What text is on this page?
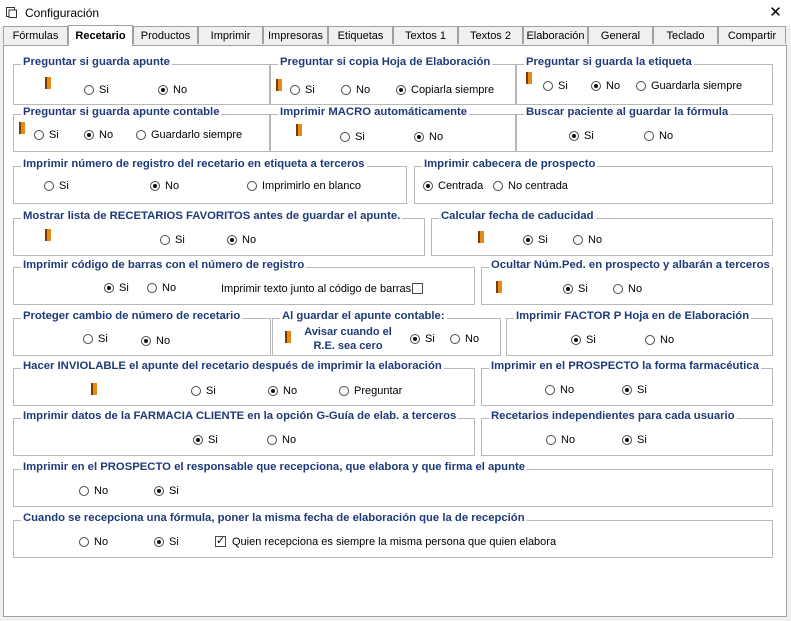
Configuración	✕
Fórmulas	Recetario	Productos	Imprimir	Impresoras	Etiquetas	Textos 1	Textos 2	Elaboración	General	Teclado	Compartir
Preguntar si guarda apunte
Si	No
Preguntar si copia Hoja de Elaboración
Si	No	Copiarla siempre
Preguntar si guarda la etiqueta
Si	No	Guardarla siempre
Preguntar si guarda apunte contable
Si	No	Guardarlo siempre
Imprimir MACRO automáticamente
Si	No
Buscar paciente al guardar la fórmula
Si	No
Imprimir número de registro del recetario en etiqueta a terceros
Si	No	Imprimirlo en blanco
Imprimir cabecera de prospecto
Centrada No centrada
Mostrar lista de RECETARIOS FAVORITOS antes de guardar el apunte.
Si	No
Calcular fecha de caducidad
Si	No
Imprimir código de barras con el número de registro
Si	No	Imprimir texto junto al código de barras
Ocultar Núm.Ped. en prospecto y albarán a terceros
Si	No
Proteger cambio de número de recetario
Si	No
Al guardar el apunte contable:
Avisar cuando el
R.E. sea cero
Si	No
Imprimir FACTOR P Hoja en de Elaboración
Si	No
Hacer INVIOLABLE el apunte del recetario después de imprimir la elaboración
Si	No	Preguntar
Imprimir en el PROSPECTO la forma farmacéutica
No	Si
Imprimir datos de la FARMACIA CLIENTE en la opción G-Guía de elab. a terceros
Si	No
Recetarios independientes para cada usuario
No	Si
Imprimir en el PROSPECTO el responsable que recepciona, que elabora y que firma el apunte
No	Si
Cuando se recepciona una fórmula, poner la misma fecha de elaboración que la de recepción
No	Si
✓	Quien recepciona es siempre la misma persona que quien elabora
